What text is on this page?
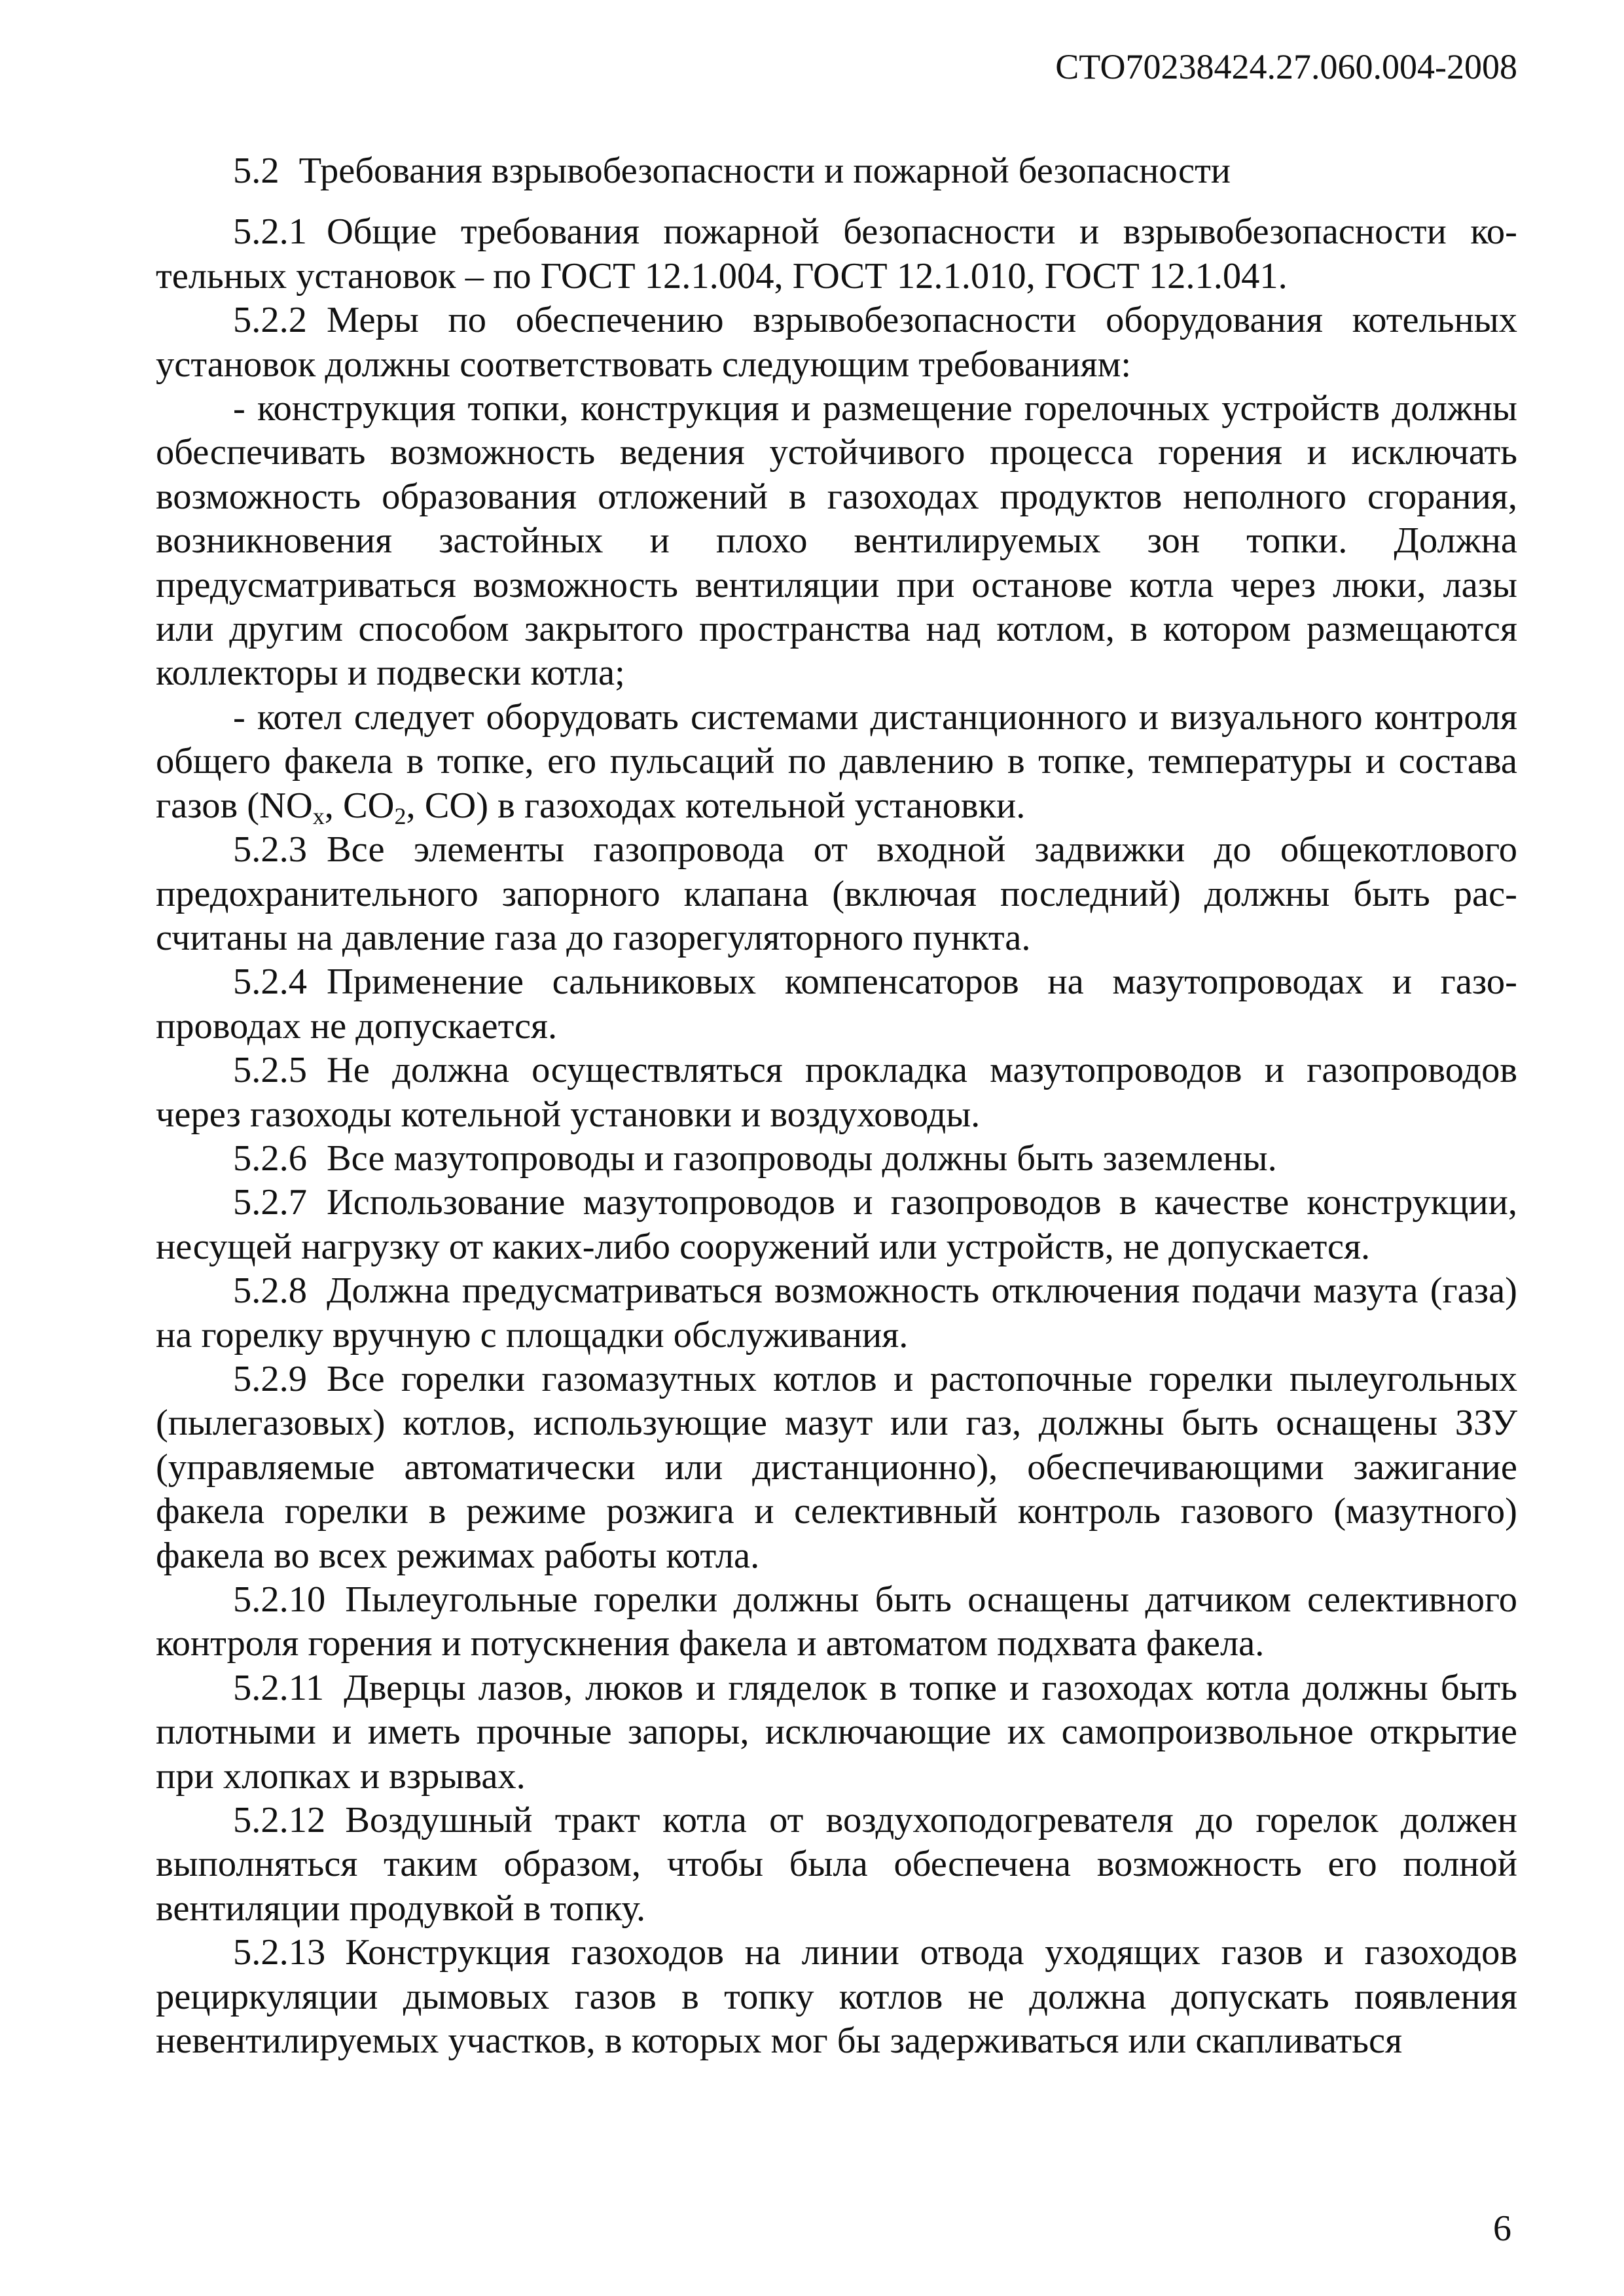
СТО70238424.27.060.004-2008

5.2 Требования взрывобезопасности и пожарной безопасности

5.2.1 Общие требования пожарной безопасности и взрывобезопасности котельных установок – по ГОСТ 12.1.004, ГОСТ 12.1.010, ГОСТ 12.1.041.

5.2.2 Меры по обеспечению взрывобезопасности оборудования котельных установок должны соответствовать следующим требованиям:

- конструкция топки, конструкция и размещение горелочных устройств должны обеспечивать возможность ведения устойчивого процесса горения и исключать возможность образования отложений в газоходах продуктов неполного сгорания, возникновения застойных и плохо вентилируемых зон топки. Должна предусматриваться возможность вентиляции при останове котла через люки, лазы или другим способом закрытого пространства над котлом, в котором размещаются коллекторы и подвески котла;

- котел следует оборудовать системами дистанционного и визуального контроля общего факела в топке, его пульсаций по давлению в топке, температуры и состава газов ($NO_x$, $CO_2$, CO) в газоходах котельной установки.

5.2.3 Все элементы газопровода от входной задвижки до общекотлового предохранительного запорного клапана (включая последний) должны быть рассчитаны на давление газа до газорегуляторного пункта.

5.2.4 Применение сальниковых компенсаторов на мазутопроводах и газопроводах не допускается.

5.2.5 Не должна осуществляться прокладка мазутопроводов и газопроводов через газоходы котельной установки и воздуховоды.

5.2.6 Все мазутопроводы и газопроводы должны быть заземлены.

5.2.7 Использование мазутопроводов и газопроводов в качестве конструкции, несущей нагрузку от каких-либо сооружений или устройств, не допускается.

5.2.8 Должна предусматриваться возможность отключения подачи мазута (газа) на горелку вручную с площадки обслуживания.

5.2.9 Все горелки газомазутных котлов и растопочные горелки пылеугольных (пылегазовых) котлов, использующие мазут или газ, должны быть оснащены ЗЗУ (управляемые автоматически или дистанционно), обеспечивающими зажигание факела горелки в режиме розжига и селективный контроль газового (мазутного) факела во всех режимах работы котла.

5.2.10 Пылеугольные горелки должны быть оснащены датчиком селективного контроля горения и потускнения факела и автоматом подхвата факела.

5.2.11 Дверцы лазов, люков и гляделок в топке и газоходах котла должны быть плотными и иметь прочные запоры, исключающие их самопроизвольное открытие при хлопках и взрывах.

5.2.12 Воздушный тракт котла от воздухоподогревателя до горелок должен выполняться таким образом, чтобы была обеспечена возможность его полной вентиляции продувкой в топку.

5.2.13 Конструкция газоходов на линии отвода уходящих газов и газоходов рециркуляции дымовых газов в топку котлов не должна допускать появления невентилируемых участков, в которых мог бы задерживаться или скапливаться

6
